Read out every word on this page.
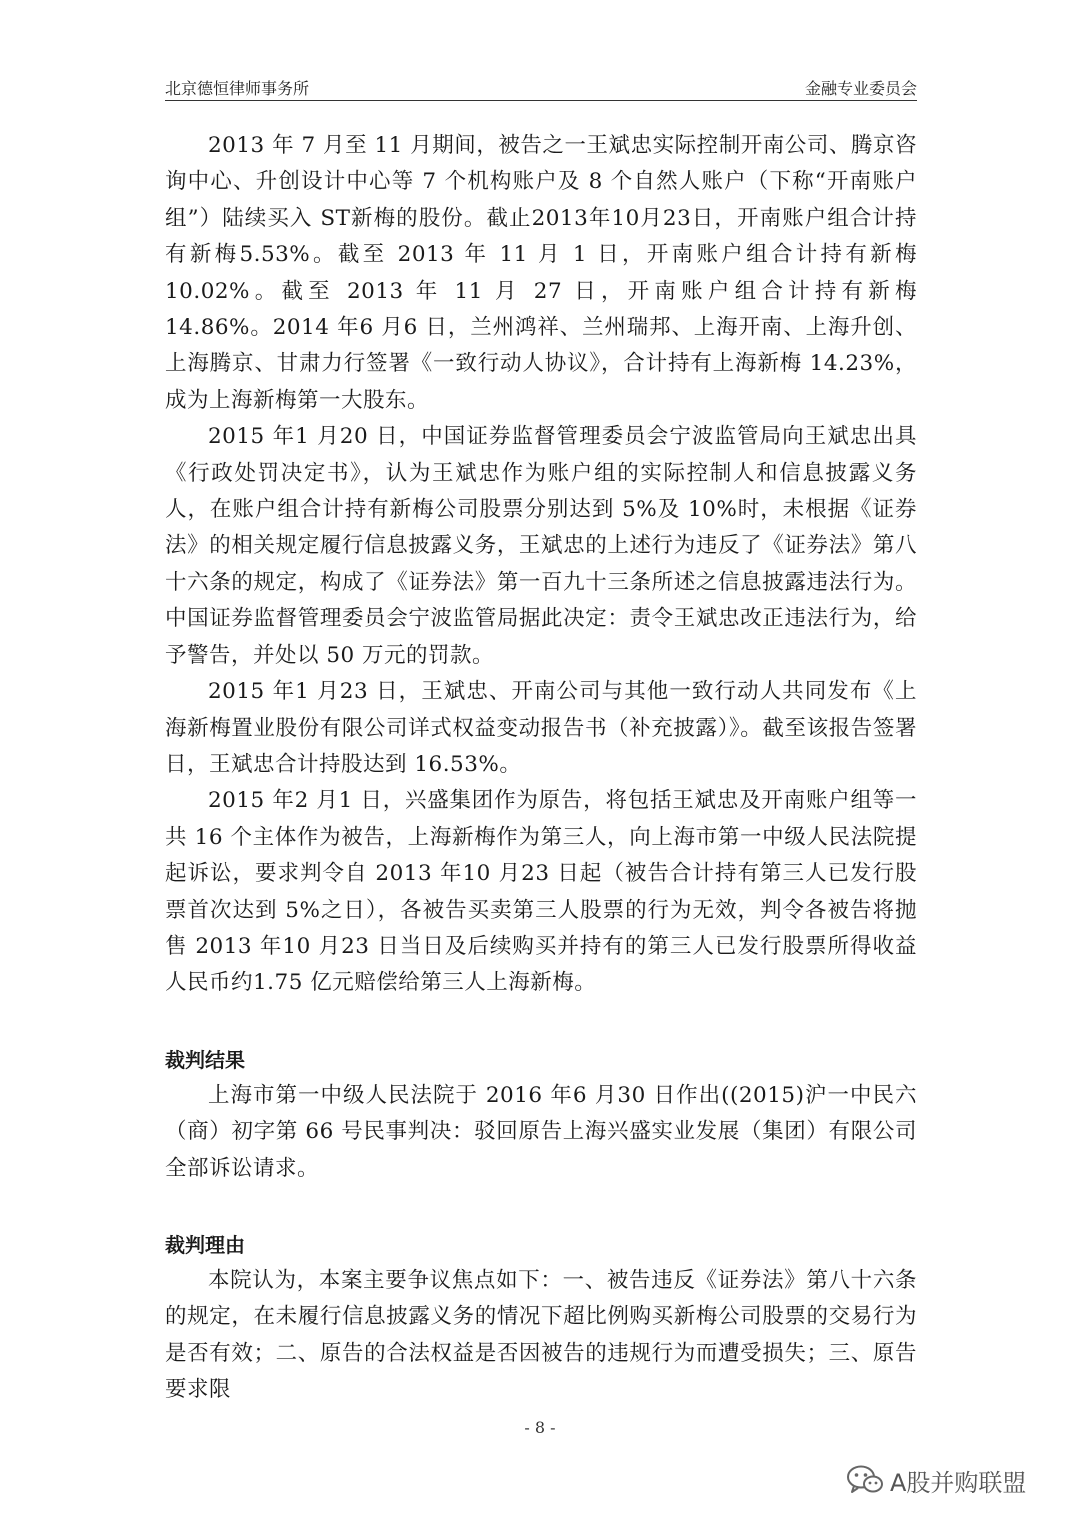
北京德恒律师事务所	金融专业委员会

2013 年 7 月至 11 月期间，被告之一王斌忠实际控制开南公司、腾京咨询中心、升创设计中心等 7 个机构账户及 8 个自然人账户（下称“开南账户组”）陆续买入 ST新梅的股份。截止2013年10月23日，开南账户组合计持有新梅5.53%。截至 2013 年 11 月 1 日，开南账户组合计持有新梅 10.02%。截至 2013 年 11 月 27 日，开南账户组合计持有新梅 14.86%。2014 年6 月6 日，兰州鸿祥、兰州瑞邦、上海开南、上海升创、上海腾京、甘肃力行签署《一致行动人协议》，合计持有上海新梅 14.23%，成为上海新梅第一大股东。

2015 年1 月20 日，中国证券监督管理委员会宁波监管局向王斌忠出具《行政处罚决定书》，认为王斌忠作为账户组的实际控制人和信息披露义务人，在账户组合计持有新梅公司股票分别达到 5%及 10%时，未根据《证券法》的相关规定履行信息披露义务，王斌忠的上述行为违反了《证券法》第八十六条的规定，构成了《证券法》第一百九十三条所述之信息披露违法行为。中国证券监督管理委员会宁波监管局据此决定：责令王斌忠改正违法行为，给予警告，并处以 50 万元的罚款。

2015 年1 月23 日，王斌忠、开南公司与其他一致行动人共同发布《上海新梅置业股份有限公司详式权益变动报告书（补充披露）》。截至该报告签署日，王斌忠合计持股达到 16.53%。

2015 年2 月1 日，兴盛集团作为原告，将包括王斌忠及开南账户组等一共 16 个主体作为被告，上海新梅作为第三人，向上海市第一中级人民法院提起诉讼，要求判令自 2013 年10 月23 日起（被告合计持有第三人已发行股票首次达到 5%之日），各被告买卖第三人股票的行为无效，判令各被告将抛售 2013 年10 月23 日当日及后续购买并持有的第三人已发行股票所得收益人民币约1.75 亿元赔偿给第三人上海新梅。

裁判结果

上海市第一中级人民法院于 2016 年6 月30 日作出((2015)沪一中民六（商）初字第 66 号民事判决：驳回原告上海兴盛实业发展（集团）有限公司全部诉讼请求。

裁判理由

本院认为，本案主要争议焦点如下：一、被告违反《证券法》第八十六条的规定，在未履行信息披露义务的情况下超比例购买新梅公司股票的交易行为是否有效；二、原告的合法权益是否因被告的违规行为而遭受损失；三、原告要求限

- 8 -
A股并购联盟
